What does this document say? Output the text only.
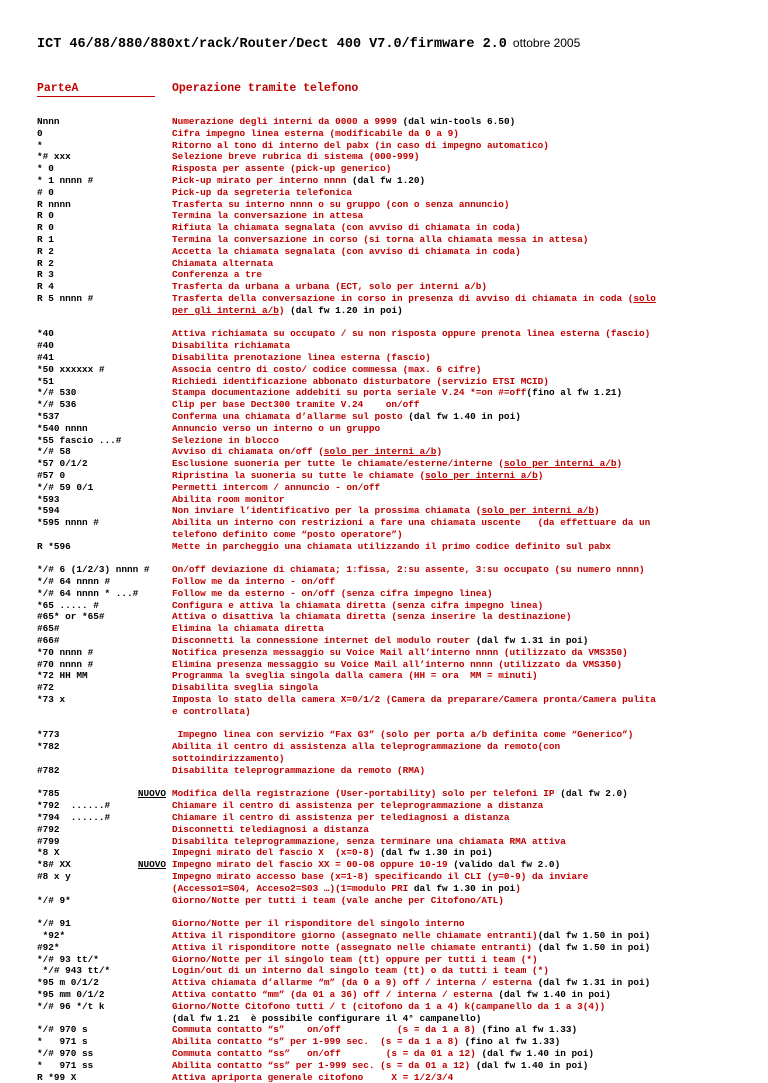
ICT 46/88/880/880xt/rack/Router/Dect 400 V7.0/firmware 2.0 ottobre 2005
ParteA	Operazione tramite telefono
Nnnn	Numerazione degli interni da 0000 a 9999 (dal win-tools 6.50)
0	Cifra impegno linea esterna (modificabile da 0 a 9)
*	Ritorno al tono di interno del pabx (in caso di impegno automatico)
*# xxx	Selezione breve rubrica di sistema (000-999)
* 0	Risposta per assente (pick-up generico)
* 1 nnnn #	Pick-up mirato per interno nnnn (dal fw 1.20)
# 0	Pick-up da segreteria telefonica
R nnnn	Trasferta su interno nnnn o su gruppo (con o senza annuncio)
R 0	Termina la conversazione in attesa
R 0	Rifiuta la chiamata segnalata (con avviso di chiamata in coda)
R 1	Termina la conversazione in corso (si torna alla chiamata messa in attesa)
R 2	Accetta la chiamata segnalata (con avviso di chiamata in coda)
R 2	Chiamata alternata
R 3	Conferenza a tre
R 4	Trasferta da urbana a urbana (ECT, solo per interni a/b)
R 5 nnnn #	Trasferta della conversazione in corso in presenza di avviso di chiamata in coda (solo
per gli interni a/b) (dal fw 1.20 in poi)
*40	Attiva richiamata su occupato / su non risposta oppure prenota linea esterna (fascio)
#40	Disabilita richiamata
#41	Disabilita prenotazione linea esterna (fascio)
*50 xxxxxx #	Associa centro di costo/ codice commessa (max. 6 cifre)
*51	Richiedi identificazione abbonato disturbatore (servizio ETSI MCID)
*/# 530	Stampa documentazione addebiti su porta seriale V.24 *=on #=off(fino al fw 1.21)
*/# 536	Clip per base Dect300 tramite V.24    on/off
*537	Conferma una chiamata d’allarme sul posto (dal fw 1.40 in poi)
*540 nnnn	Annuncio verso un interno o un gruppo
*55 fascio ...#	Selezione in blocco
*/# 58	Avviso di chiamata on/off (solo per interni a/b)
*57 0/1/2	Esclusione suoneria per tutte le chiamate/esterne/interne (solo per interni a/b)
#57 0	Ripristina la suoneria su tutte le chiamate (solo per interni a/b)
*/# 59 0/1	Permetti intercom / annuncio - on/off
*593	Abilita room monitor
*594	Non inviare l’identificativo per la prossima chiamata (solo per interni a/b)
*595 nnnn #	Abilita un interno con restrizioni a fare una chiamata uscente   (da effettuare da un
telefono definito come “posto operatore”)
R *596	Mette in parcheggio una chiamata utilizzando il primo codice definito sul pabx
*/# 6 (1/2/3) nnnn #	On/off deviazione di chiamata; 1:fissa, 2:su assente, 3:su occupato (su numero nnnn)
*/# 64 nnnn #	Follow me da interno - on/off
*/# 64 nnnn * ...#	Follow me da esterno - on/off (senza cifra impegno linea)
*65 ..... #	Configura e attiva la chiamata diretta (senza cifra impegno linea)
#65* or *65#	Attiva o disattiva la chiamata diretta (senza inserire la destinazione)
#65#	Elimina la chiamata diretta
#66#	Disconnetti la connessione internet del modulo router (dal fw 1.31 in poi)
*70 nnnn #	Notifica presenza messaggio su Voice Mail all’interno nnnn (utilizzato da VMS350)
#70 nnnn #	Elimina presenza messaggio su Voice Mail all’interno nnnn (utilizzato da VMS350)
*72 HH MM	Programma la sveglia singola dalla camera (HH = ora  MM = minuti)
#72	Disabilita sveglia singola
*73 x	Imposta lo stato della camera X=0/1/2 (Camera da preparare/Camera pronta/Camera pulita
e controllata)
*773	Impegno linea con servizio “Fax G3” (solo per porta a/b definita come “Generico”)
*782	Abilita il centro di assistenza alla teleprogrammazione da remoto(con
sottoindirizzamento)
#782	Disabilita teleprogrammazione da remoto (RMA)
*785	NUOVO Modifica della registrazione (User-portability) solo per telefoni IP (dal fw 2.0)
*792  ......#	Chiamare il centro di assistenza per teleprogrammazione a distanza
*794  ......#	Chiamare il centro di assistenza per telediagnosi a distanza
#792	Disconnetti telediagnosi a distanza
#799	Disabilita teleprogrammazione, senza terminare una chiamata RMA attiva
*8 X	Impegni mirato del fascio X  (x=0-8) (dal fw 1.30 in poi)
*8# XX	NUOVO Impegno mirato del fascio XX = 00-08 oppure 10-19 (valido dal fw 2.0)
#8 x y	Impegno mirato accesso base (x=1-8) specificando il CLI (y=0-9) da inviare
(Accesso1=S04, Acceso2=S03 …)(1=modulo PRI dal fw 1.30 in poi)
*/# 9*	Giorno/Notte per tutti i team (vale anche per Citofono/ATL)
*/# 91	Giorno/Notte per il risponditore del singolo interno
*92*	Attiva il risponditore giorno (assegnato nelle chiamate entranti)(dal fw 1.50 in poi)
#92*	Attiva il risponditore notte (assegnato nelle chiamate entranti) (dal fw 1.50 in poi)
*/# 93 tt/*	Giorno/Notte per il singolo team (tt) oppure per tutti i team (*)
*/# 943 tt/*	Login/out di un interno dal singolo team (tt) o da tutti i team (*)
*95 m 0/1/2	Attiva chiamata d’allarme “m” (da 0 a 9) off / interna / esterna (dal fw 1.31 in poi)
*95 mm 0/1/2	Attiva contatto “mm” (da 01 a 36) off / interna / esterna (dal fw 1.40 in poi)
*/# 96 */t k	Giorno/Notte Citofono tutti / t (citofono da 1 a 4) k(campanello da 1 a 3(4))
(dal fw 1.21  è possibile configurare il 4° campanello)
*/# 970 s	Commuta contatto “s”    on/off          (s = da 1 a 8) (fino al fw 1.33)
*   971 s	Abilita contatto “s” per 1-999 sec.  (s = da 1 a 8) (fino al fw 1.33)
*/# 970 ss	Commuta contatto “ss”   on/off        (s = da 01 a 12) (dal fw 1.40 in poi)
*   971 ss	Abilita contatto “ss” per 1-999 sec. (s = da 01 a 12) (dal fw 1.40 in poi)
R *99 X	Attiva apriporta generale citofono     X = 1/2/3/4
